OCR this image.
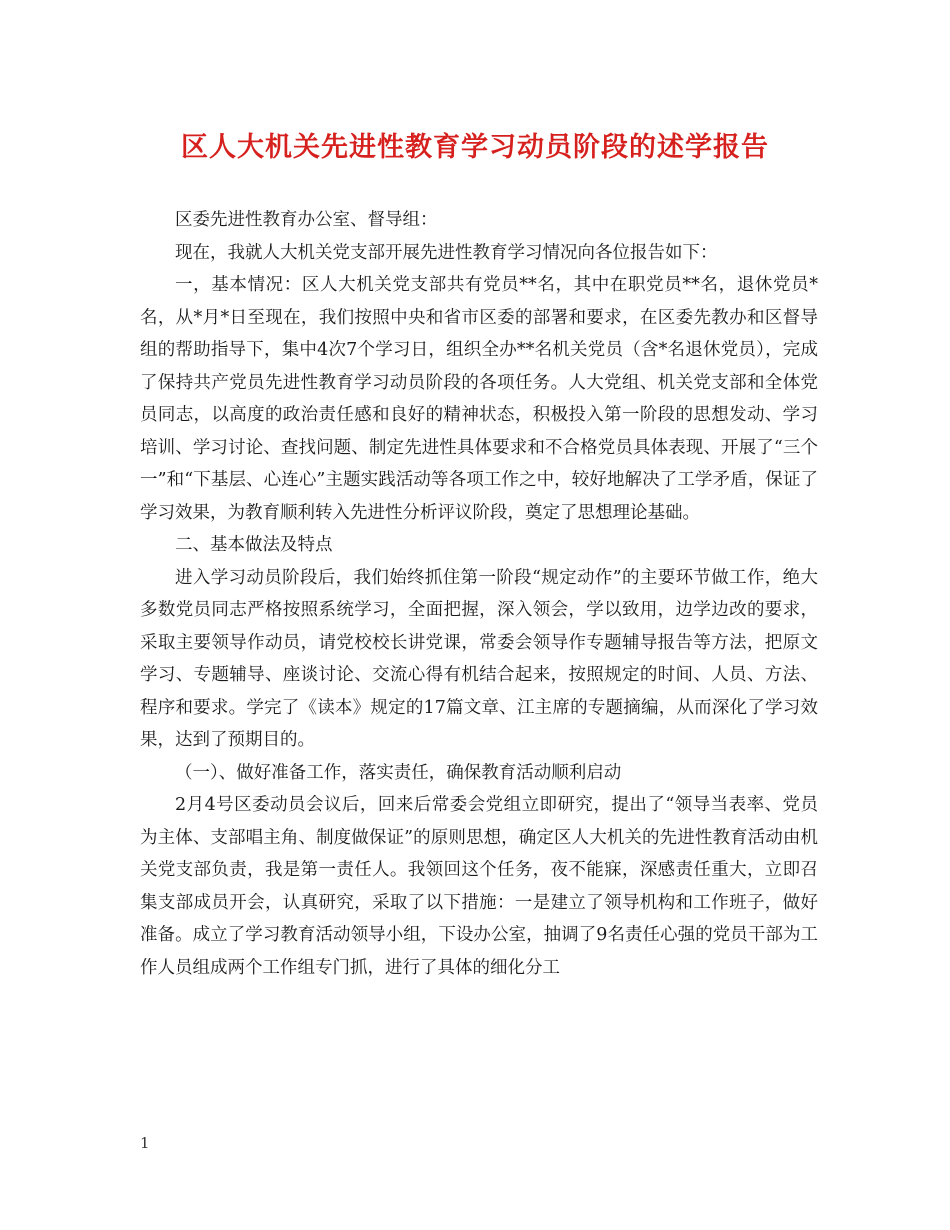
区人大机关先进性教育学习动员阶段的述学报告

区委先进性教育办公室、督导组：

现在，我就人大机关党支部开展先进性教育学习情况向各位报告如下：

一，基本情况：区人大机关党支部共有党员**名，其中在职党员**名，退休党员*名，从*月*日至现在，我们按照中央和省市区委的部署和要求，在区委先教办和区督导组的帮助指导下，集中4次7个学习日，组织全办**名机关党员（含*名退休党员），完成了保持共产党员先进性教育学习动员阶段的各项任务。人大党组、机关党支部和全体党员同志，以高度的政治责任感和良好的精神状态，积极投入第一阶段的思想发动、学习培训、学习讨论、查找问题、制定先进性具体要求和不合格党员具体表现、开展了“三个一”和“下基层、心连心”主题实践活动等各项工作之中，较好地解决了工学矛盾，保证了学习效果，为教育顺利转入先进性分析评议阶段，奠定了思想理论基础。

二、基本做法及特点

进入学习动员阶段后，我们始终抓住第一阶段“规定动作”的主要环节做工作，绝大多数党员同志严格按照系统学习，全面把握，深入领会，学以致用，边学边改的要求，采取主要领导作动员，请党校校长讲党课，常委会领导作专题辅导报告等方法，把原文学习、专题辅导、座谈讨论、交流心得有机结合起来，按照规定的时间、人员、方法、程序和要求。学完了《读本》规定的17篇文章、江主席的专题摘编，从而深化了学习效果，达到了预期目的。

（一）、做好准备工作，落实责任，确保教育活动顺利启动

2月4号区委动员会议后，回来后常委会党组立即研究，提出了“领导当表率、党员为主体、支部唱主角、制度做保证”的原则思想，确定区人大机关的先进性教育活动由机关党支部负责，我是第一责任人。我领回这个任务，夜不能寐，深感责任重大，立即召集支部成员开会，认真研究，采取了以下措施：一是建立了领导机构和工作班子，做好准备。成立了学习教育活动领导小组，下设办公室，抽调了9名责任心强的党员干部为工作人员组成两个工作组专门抓，进行了具体的细化分工

1
